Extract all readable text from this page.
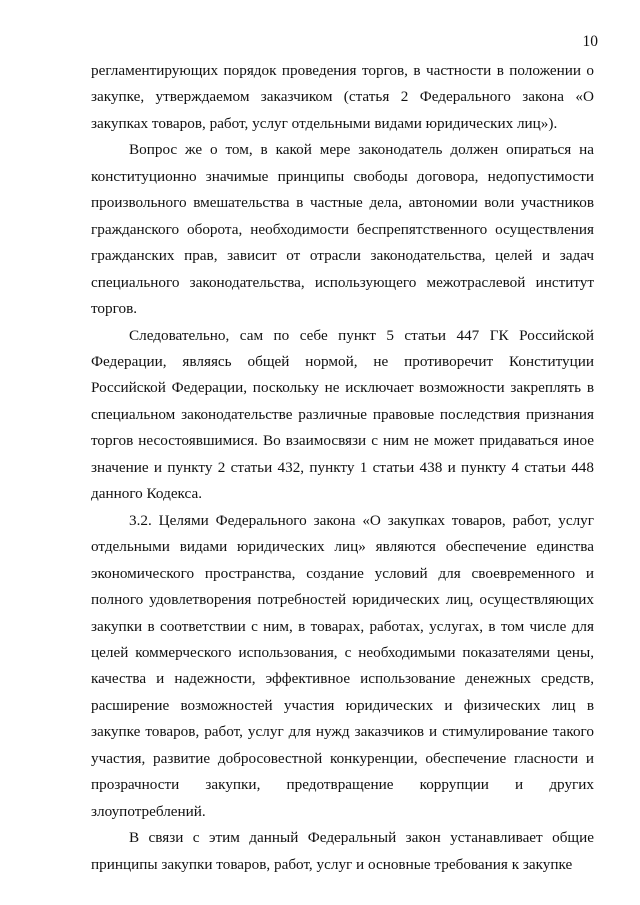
10

регламентирующих порядок проведения торгов, в частности в положении о закупке, утверждаемом заказчиком (статья 2 Федерального закона «О закупках товаров, работ, услуг отдельными видами юридических лиц»).

Вопрос же о том, в какой мере законодатель должен опираться на конституционно значимые принципы свободы договора, недопустимости произвольного вмешательства в частные дела, автономии воли участников гражданского оборота, необходимости беспрепятственного осуществления гражданских прав, зависит от отрасли законодательства, целей и задач специального законодательства, использующего межотраслевой институт торгов.

Следовательно, сам по себе пункт 5 статьи 447 ГК Российской Федерации, являясь общей нормой, не противоречит Конституции Российской Федерации, поскольку не исключает возможности закреплять в специальном законодательстве различные правовые последствия признания торгов несостоявшимися. Во взаимосвязи с ним не может придаваться иное значение и пункту 2 статьи 432, пункту 1 статьи 438 и пункту 4 статьи 448 данного Кодекса.

3.2. Целями Федерального закона «О закупках товаров, работ, услуг отдельными видами юридических лиц» являются обеспечение единства экономического пространства, создание условий для своевременного и полного удовлетворения потребностей юридических лиц, осуществляющих закупки в соответствии с ним, в товарах, работах, услугах, в том числе для целей коммерческого использования, с необходимыми показателями цены, качества и надежности, эффективное использование денежных средств, расширение возможностей участия юридических и физических лиц в закупке товаров, работ, услуг для нужд заказчиков и стимулирование такого участия, развитие добросовестной конкуренции, обеспечение гласности и прозрачности закупки, предотвращение коррупции и других злоупотреблений.

В связи с этим данный Федеральный закон устанавливает общие принципы закупки товаров, работ, услуг и основные требования к закупке
